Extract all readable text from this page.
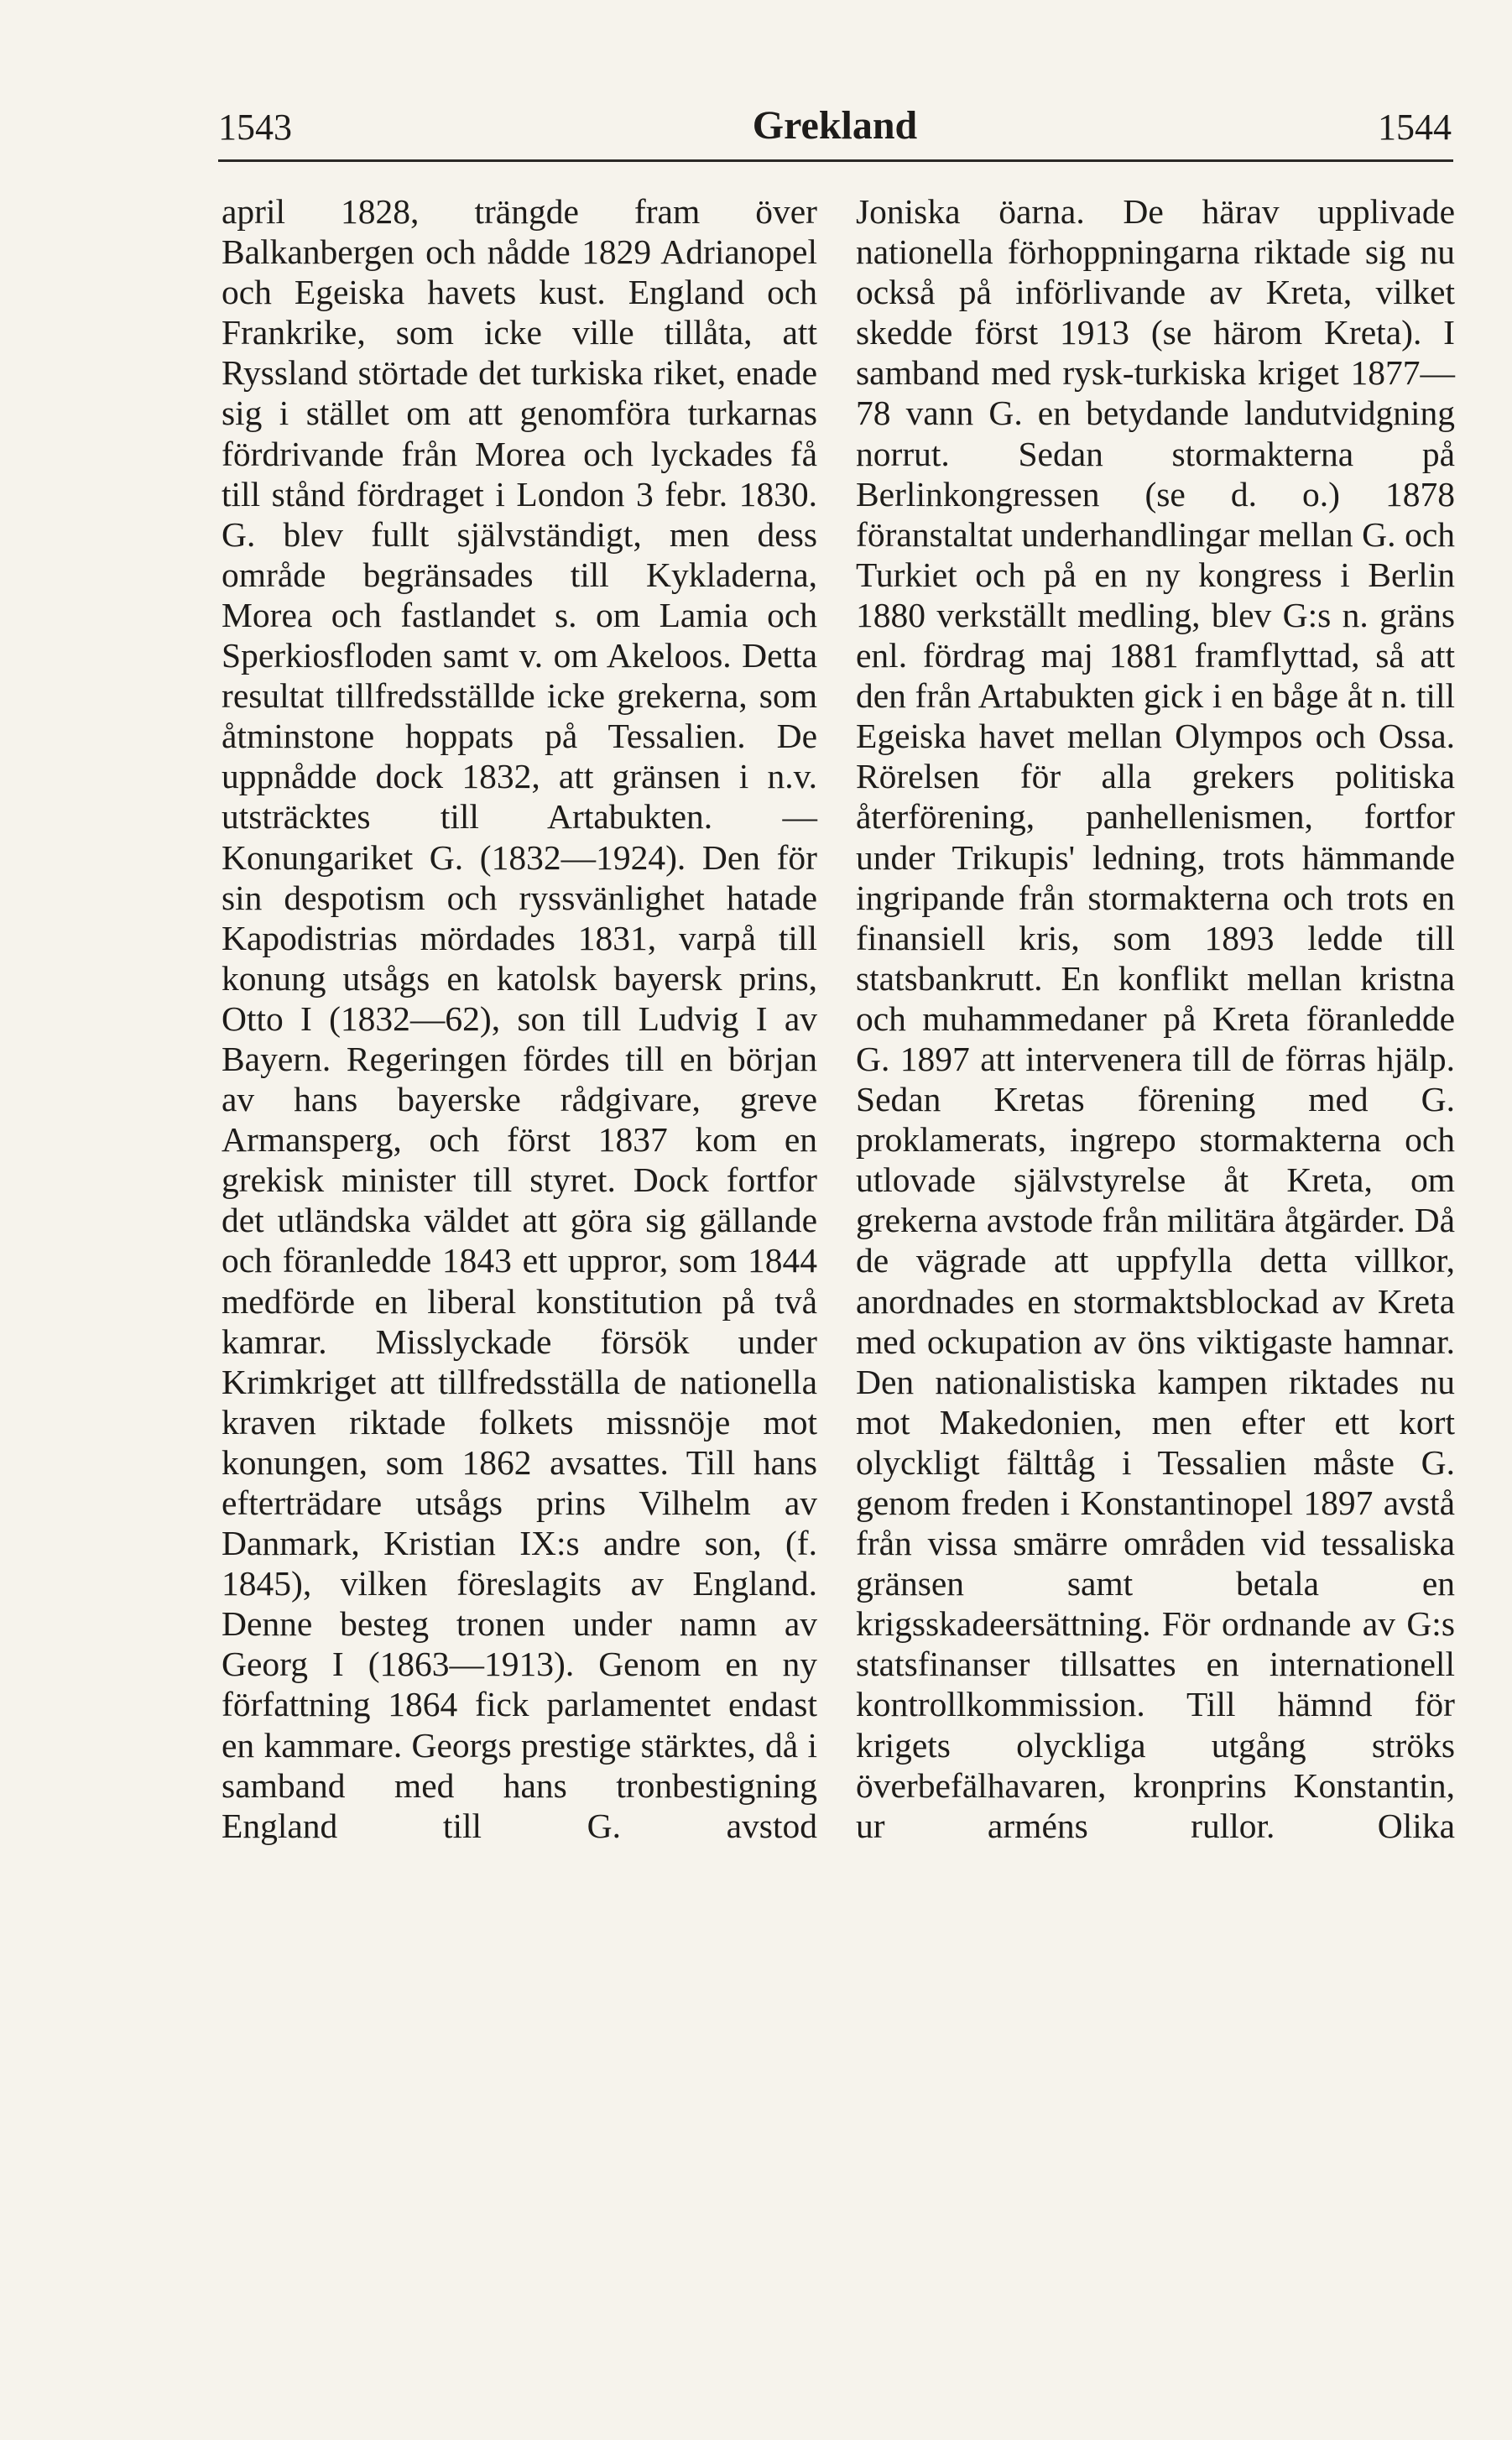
1543	Grekland	1544

april 1828, trängde fram över Balkanbergen och nådde 1829 Adrianopel och Egeiska havets kust. England och Frankrike, som icke ville tillåta, att Ryssland störtade det turkiska riket, enade sig i stället om att genomföra turkarnas fördrivande från Morea och lyckades få till stånd fördraget i London 3 febr. 1830. G. blev fullt självständigt, men dess område begränsades till Kykladerna, Morea och fastlandet s. om Lamia och Sperkiosfloden samt v. om Akeloos. Detta resultat tillfredsställde icke grekerna, som åtminstone hoppats på Tessalien. De uppnådde dock 1832, att gränsen i n.v. utsträcktes till Artabukten. — Konungariket G. (1832—1924). Den för sin despotism och ryssvänlighet hatade Kapodistrias mördades 1831, varpå till konung utsågs en katolsk bayersk prins, Otto I (1832—62), son till Ludvig I av Bayern. Regeringen fördes till en början av hans bayerske rådgivare, greve Armansperg, och först 1837 kom en grekisk minister till styret. Dock fortfor det utländska väldet att göra sig gällande och föranledde 1843 ett uppror, som 1844 medförde en liberal konstitution på två kamrar. Misslyckade försök under Krimkriget att tillfredsställa de nationella kraven riktade folkets missnöje mot konungen, som 1862 avsattes. Till hans efterträdare utsågs prins Vilhelm av Danmark, Kristian IX:s andre son, (f. 1845), vilken föreslagits av England. Denne besteg tronen under namn av Georg I (1863—1913). Genom en ny författning 1864 fick parlamentet endast en kammare. Georgs prestige stärktes, då i samband med hans tronbestigning England till G. avstod

Joniska öarna. De härav upplivade nationella förhoppningarna riktade sig nu också på införlivande av Kreta, vilket skedde först 1913 (se härom Kreta). I samband med rysk-turkiska kriget 1877—78 vann G. en betydande landutvidgning norrut. Sedan stormakterna på Berlinkongressen (se d. o.) 1878 föranstaltat underhandlingar mellan G. och Turkiet och på en ny kongress i Berlin 1880 verkställt medling, blev G:s n. gräns enl. fördrag maj 1881 framflyttad, så att den från Artabukten gick i en båge åt n. till Egeiska havet mellan Olympos och Ossa. Rörelsen för alla grekers politiska återförening, panhellenismen, fortfor under Trikupis' ledning, trots hämmande ingripande från stormakterna och trots en finansiell kris, som 1893 ledde till statsbankrutt. En konflikt mellan kristna och muhammedaner på Kreta föranledde G. 1897 att intervenera till de förras hjälp. Sedan Kretas förening med G. proklamerats, ingrepo stormakterna och utlovade självstyrelse åt Kreta, om grekerna avstode från militära åtgärder. Då de vägrade att uppfylla detta villkor, anordnades en stormaktsblockad av Kreta med ockupation av öns viktigaste hamnar. Den nationalistiska kampen riktades nu mot Makedonien, men efter ett kort olyckligt fälttåg i Tessalien måste G. genom freden i Konstantinopel 1897 avstå från vissa smärre områden vid tessaliska gränsen samt betala en krigsskadeersättning. För ordnande av G:s statsfinanser tillsattes en internationell kontrollkommission. Till hämnd för krigets olyckliga utgång ströks överbefälhavaren, kronprins Konstantin, ur arméns rullor. Olika
